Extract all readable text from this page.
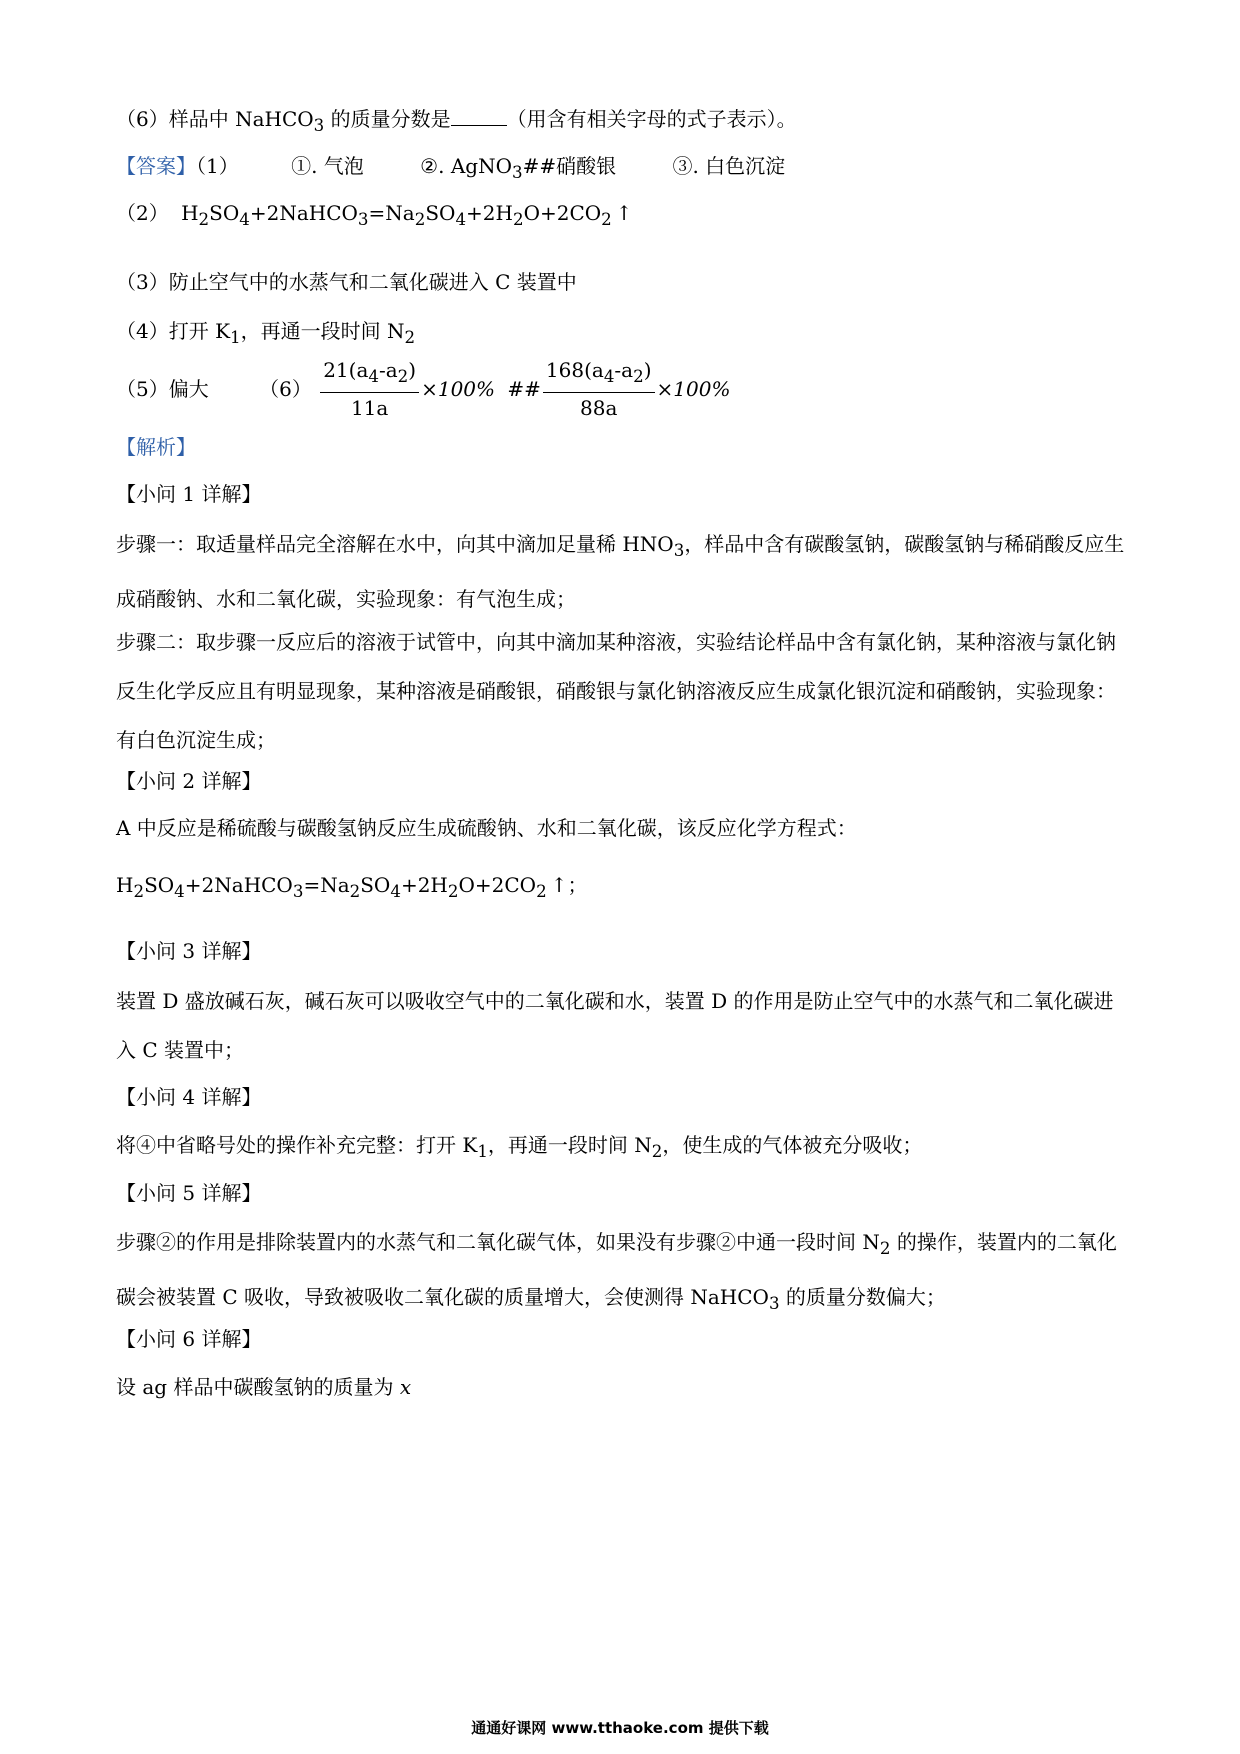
（6）样品中 NaHCO$_3$ 的质量分数是	（用含有相关字母的式子表示）。
【答案】（1）	①. 气泡	②. AgNO$_3$##硝酸银	③. 白色沉淀
（2） $H_2SO_4+2NaHCO_3=Na_2SO_4+2H_2O+2CO_2$ ↑
（3）防止空气中的水蒸气和二氧化碳进入 C 装置中
（4）打开 $K_1$，再通一段时间 $N_2$
（5）偏大	$(6) \frac{21(a_4-a_2)}{11a} \times 100\%$ ## $\frac{168(a_4-a_2)}{88a} \times 100\%$
【解析】
【小问 1 详解】
步骤一：取适量样品完全溶解在水中，向其中滴加足量稀 $HNO_3$，样品中含有碳酸氢钠，碳酸氢钠与稀硝酸反应生成硝酸钠、水和二氧化碳，实验现象：有气泡生成；
步骤二：取步骤一反应后的溶液于试管中，向其中滴加某种溶液，实验结论样品中含有氯化钠，某种溶液与氯化钠反生化学反应且有明显现象，某种溶液是硝酸银，硝酸银与氯化钠溶液反应生成氯化银沉淀和硝酸钠，实验现象：有白色沉淀生成；
【小问 2 详解】
A 中反应是稀硫酸与碳酸氢钠反应生成硫酸钠、水和二氧化碳，该反应化学方程式：
$H_2SO_4+2NaHCO_3=Na_2SO_4+2H_2O+2CO_2$ ↑；
【小问 3 详解】
装置 D 盛放碱石灰，碱石灰可以吸收空气中的二氧化碳和水，装置 D 的作用是防止空气中的水蒸气和二氧化碳进入 C 装置中；
【小问 4 详解】
将④中省略号处的操作补充完整：打开 $K_1$，再通一段时间 $N_2$，使生成的气体被充分吸收；
【小问 5 详解】
步骤②的作用是排除装置内的水蒸气和二氧化碳气体，如果没有步骤②中通一段时间 $N_2$ 的操作，装置内的二氧化碳会被装置 C 吸收，导致被吸收二氧化碳的质量增大，会使测得 NaHCO$_3$ 的质量分数偏大；
【小问 6 详解】
设 ag 样品中碳酸氢钠的质量为 x
通通好课网 www.tthaoke.com 提供下载
